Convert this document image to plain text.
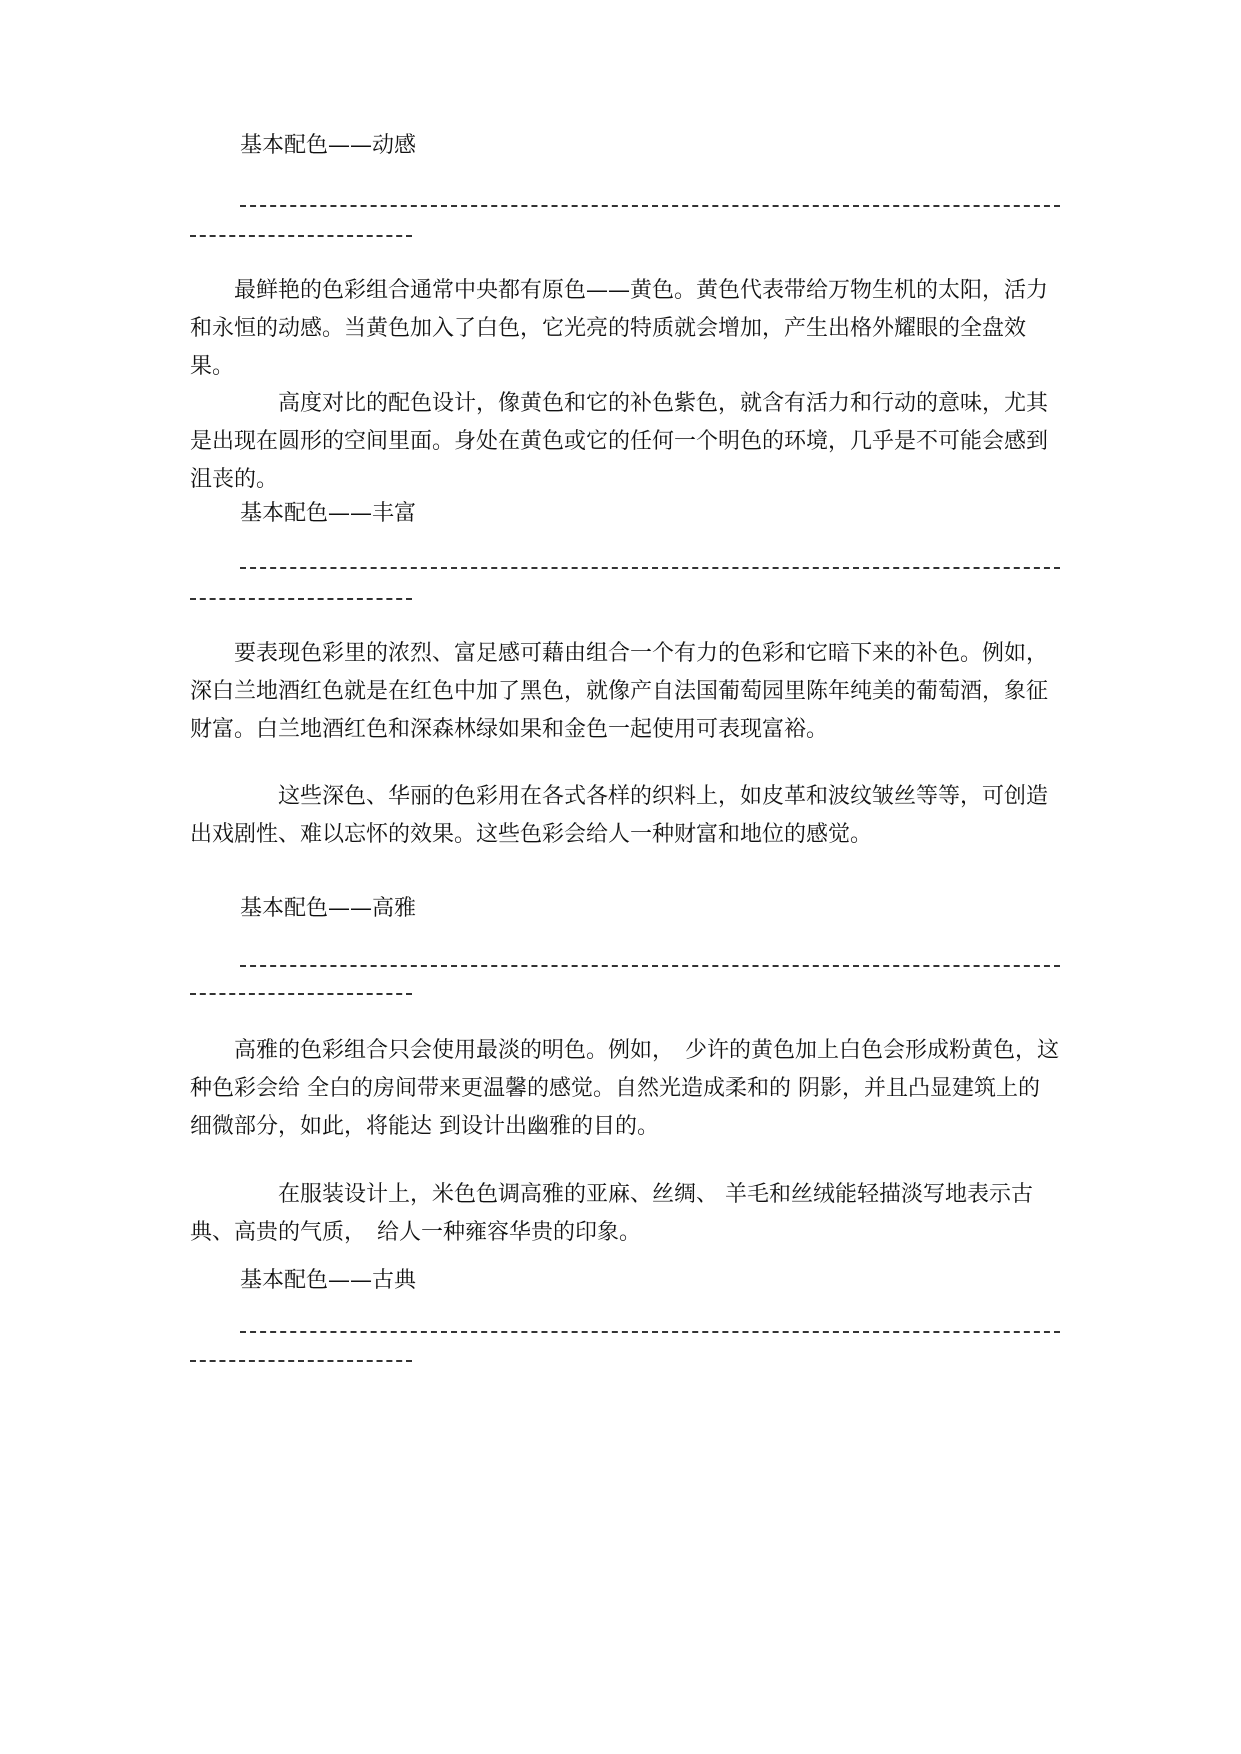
基本配色——动感

　　最鲜艳的色彩组合通常中央都有原色——黄色。黄色代表带给万物生机的太阳，活力和永恒的动感。当黄色加入了白色，它光亮的特质就会增加，产生出格外耀眼的全盘效果。

　　　　高度对比的配色设计，像黄色和它的补色紫色，就含有活力和行动的意味，尤其是出现在圆形的空间里面。身处在黄色或它的任何一个明色的环境，几乎是不可能会感到沮丧的。

基本配色——丰富

　　要表现色彩里的浓烈、富足感可藉由组合一个有力的色彩和它暗下来的补色。例如，深白兰地酒红色就是在红色中加了黑色，就像产自法国葡萄园里陈年纯美的葡萄酒，象征财富。白兰地酒红色和深森林绿如果和金色一起使用可表现富裕。

　　　　这些深色、华丽的色彩用在各式各样的织料上，如皮革和波纹皱丝等等，可创造出戏剧性、难以忘怀的效果。这些色彩会给人一种财富和地位的感觉。

基本配色——高雅

　　高雅的色彩组合只会使用最淡的明色。例如，　少许的黄色加上白色会形成粉黄色，这种色彩会给 全白的房间带来更温馨的感觉。自然光造成柔和的 阴影，并且凸显建筑上的细微部分，如此，将能达 到设计出幽雅的目的。

　　　　在服装设计上，米色色调高雅的亚麻、丝绸、 羊毛和丝绒能轻描淡写地表示古典、高贵的气质，　给人一种雍容华贵的印象。

基本配色——古典
